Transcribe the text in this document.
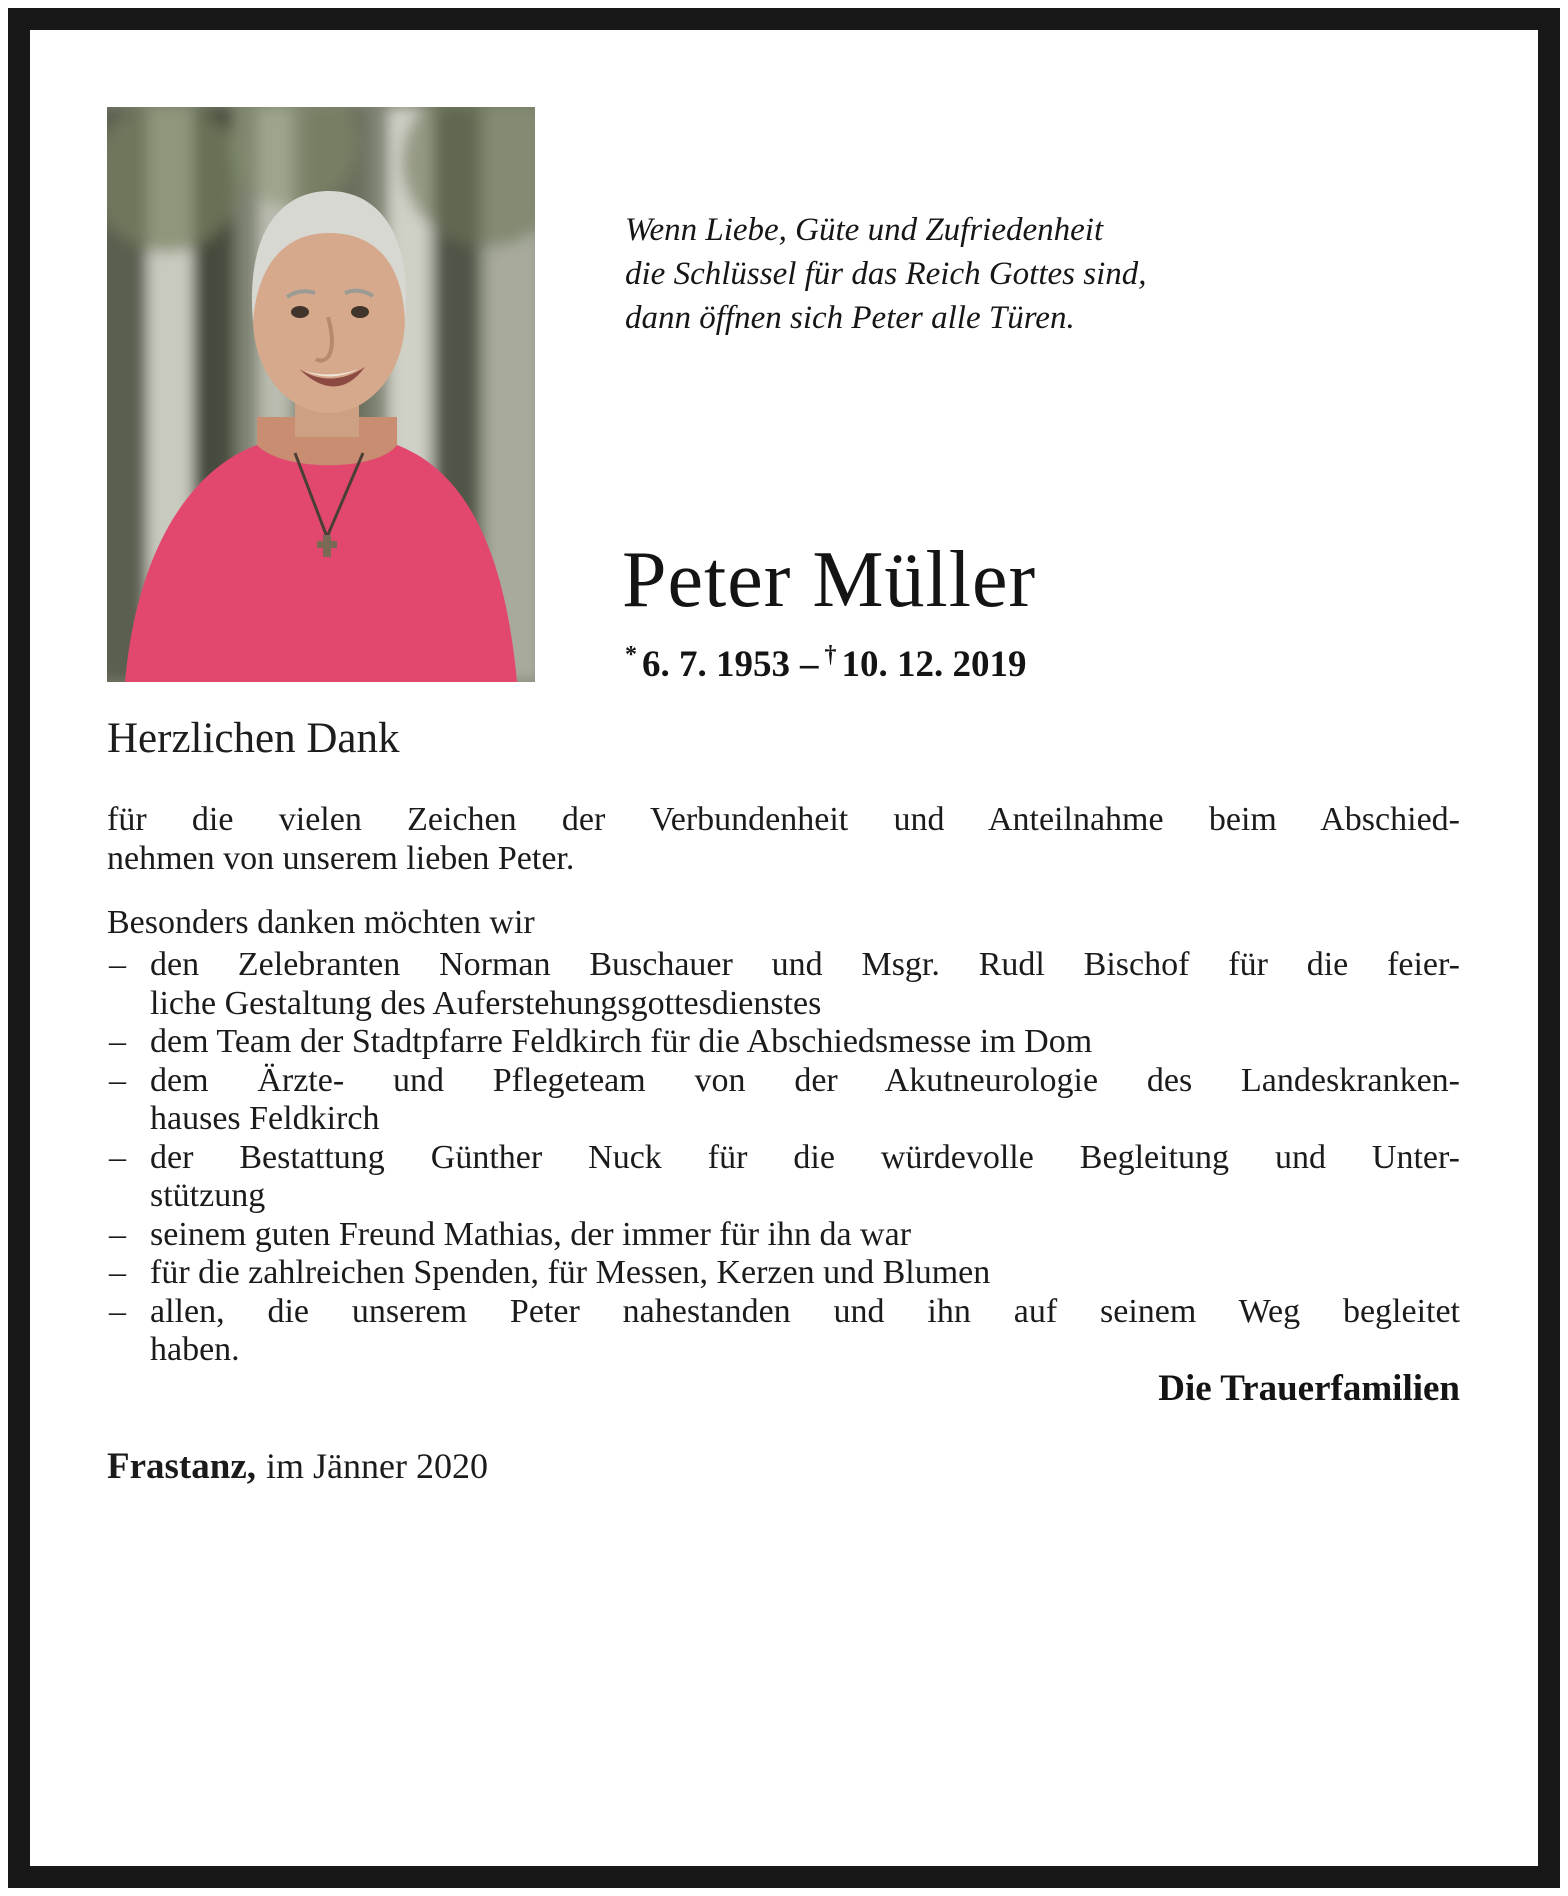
Wenn Liebe, Güte und Zufriedenheit
die Schlüssel für das Reich Gottes sind,
dann öffnen sich Peter alle Türen.
Peter Müller
* 6. 7. 1953 – † 10. 12. 2019
Herzlichen Dank

für die vielen Zeichen der Verbundenheit und Anteilnahme beim Abschied-
nehmen von unserem lieben Peter.

Besonders danken möchten wir

– den Zelebranten Norman Buschauer und Msgr. Rudl Bischof für die feier-
liche Gestaltung des Auferstehungsgottesdienstes
– dem Team der Stadtpfarre Feldkirch für die Abschiedsmesse im Dom
– dem Ärzte- und Pflegeteam von der Akutneurologie des Landeskranken-
hauses Feldkirch
– der Bestattung Günther Nuck für die würdevolle Begleitung und Unter-
stützung
– seinem guten Freund Mathias, der immer für ihn da war
– für die zahlreichen Spenden, für Messen, Kerzen und Blumen
– allen, die unserem Peter nahestanden und ihn auf seinem Weg begleitet
haben.
Die Trauerfamilien
Frastanz, im Jänner 2020
